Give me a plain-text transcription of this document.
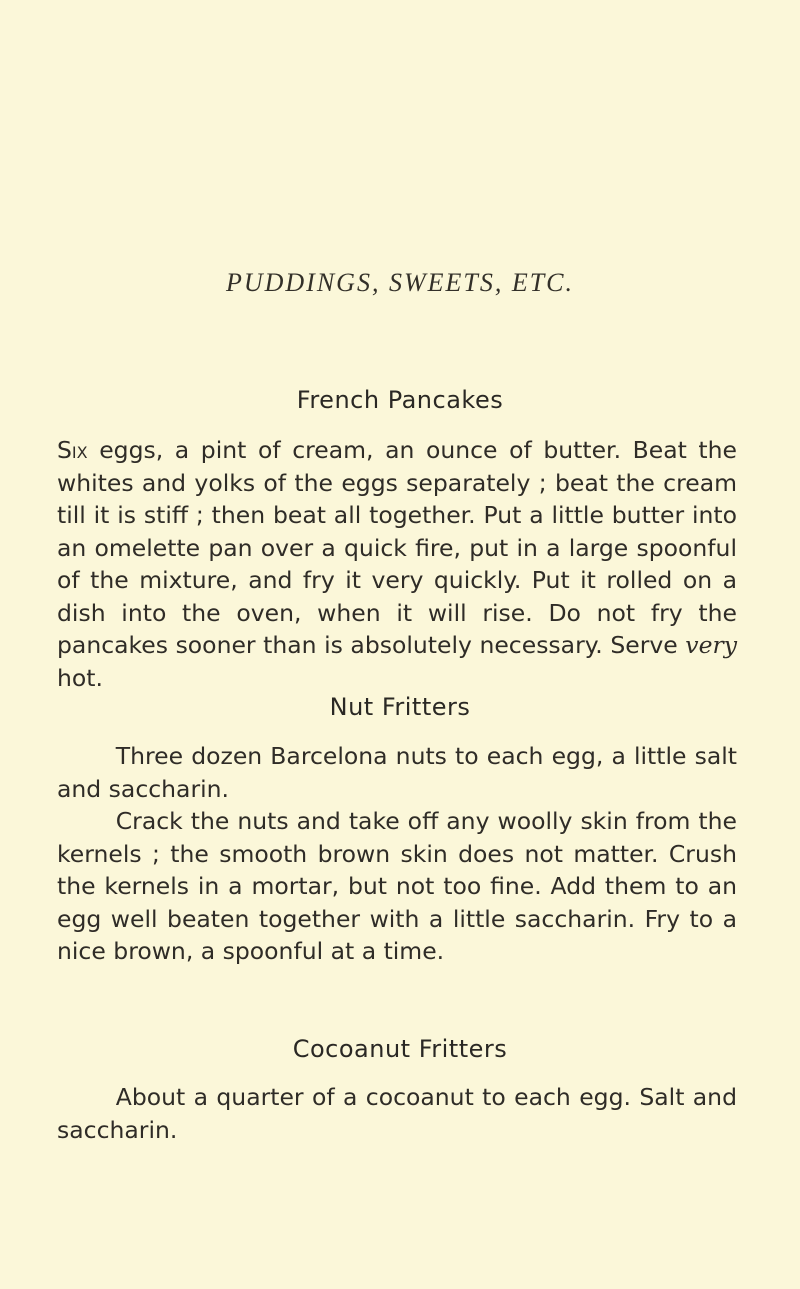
PUDDINGS, SWEETS, ETC.
French Pancakes

Six eggs, a pint of cream, an ounce of butter. Beat the whites and yolks of the eggs separately ; beat the cream till it is stiff ; then beat all together. Put a little butter into an omelette pan over a quick fire, put in a large spoonful of the mixture, and fry it very quickly. Put it rolled on a dish into the oven, when it will rise. Do not fry the pancakes sooner than is absolutely necessary. Serve very hot.

Nut Fritters

Three dozen Barcelona nuts to each egg, a little salt and saccharin.

Crack the nuts and take off any woolly skin from the kernels ; the smooth brown skin does not matter. Crush the kernels in a mortar, but not too fine. Add them to an egg well beaten together with a little saccharin. Fry to a nice brown, a spoonful at a time.

Cocoanut Fritters

About a quarter of a cocoanut to each egg. Salt and saccharin.
